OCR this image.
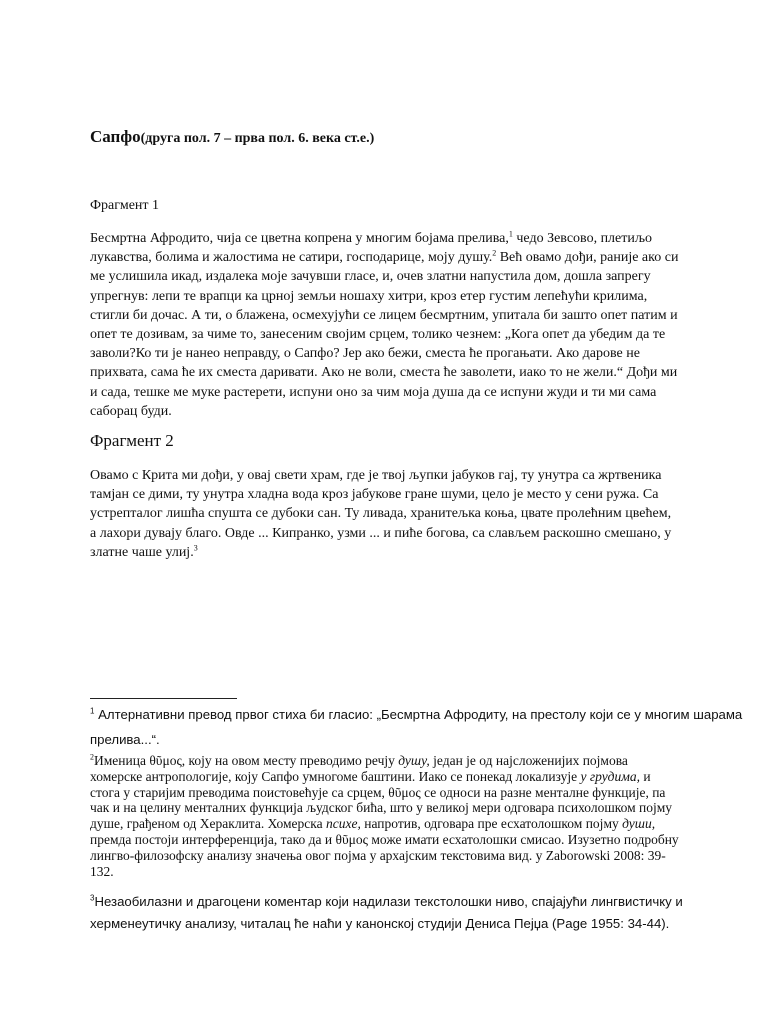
Сапфо(друга пол. 7 – прва пол. 6. века ст.е.)
Фрагмент 1

Бесмртна Афродито, чија се цветна копрена у многим бојама прелива,$^1$ чедо Зевсово, плетиљо лукавства, болима и жалостима не сатири, господарице, моју душу.$^2$ Већ овамо дођи, раније ако си ме услишила икад, издалека моје зачувши гласе, и, очев златни напустила дом, дошла запрегу упрегнув: лепи те врапци ка црној земљи ношаху хитри, кроз етер густим лепећући крилима, стигли би дочас. А ти, о блажена, осмехујући се лицем бесмртним, упитала би зашто опет патим и опет те дозивам, за чиме то, занесеним својим срцем, толико чезнем: „Кога опет да убедим да те заволи?Ко ти је нанео неправду, о Сапфо? Јер ако бежи, сместа ће прогањати. Ако дарове не прихвата, сама ће их сместа даривати. Ако не воли, сместа ће заволети, иако то не жели.“ Дођи ми и сада, тешке ме муке растерети, испуни оно за чим моја душа да се испуни жуди и ти ми сама саборац буди.

Фрагмент 2

Овамо с Крита ми дођи, у овај свети храм, где је твој љупки јабуков гај, ту унутра са жртвеника тамјан се дими, ту унутра хладна вода кроз јабукове гране шуми, цело је место у сени ружа. Са устрепталог лишћа спушта се дубоки сан. Ту ливада, хранитељка коња, цвате пролећним цвећем, а лахори дувају благо. Овде ... Кипранко, узми ... и пиће богова, са слављем раскошно смешано, у златне чаше улиј.$^3$

$^1$ Алтернативни превод првог стиха би гласио: „Бесмртна Афродиту, на престолу који се у многим шарама прелива...“.

$^2$Именица θῦμος, коју на овом месту преводимо речју душу, један је од најсложенијих појмова хомерске антропологије, коју Сапфо умногоме баштини. Иако се понекад локализује у грудима, и стога у старијим преводима поистовећује са срцем, θῦμος се односи на разне менталне функције, па чак и на целину менталних функција људског бића, што у великој мери одговара психолошком појму душе, грађеном од Хераклита. Хомерска психе, напротив, одговара пре есхатолошком појму души, премда постоји интерференција, тако да и θῦμος може имати есхатолошки смисао. Изузетно подробну лингво-филозофску анализу значења овог појма у архајским текстовима вид. у Zaborowski 2008: 39-132.

$^3$Незаобилазни и драгоцени коментар који надилази текстолошки ниво, спајајући лингвистичку и херменеутичку анализу, читалац ће наћи у канонској студији Дениса Пејџа (Page 1955: 34-44).
